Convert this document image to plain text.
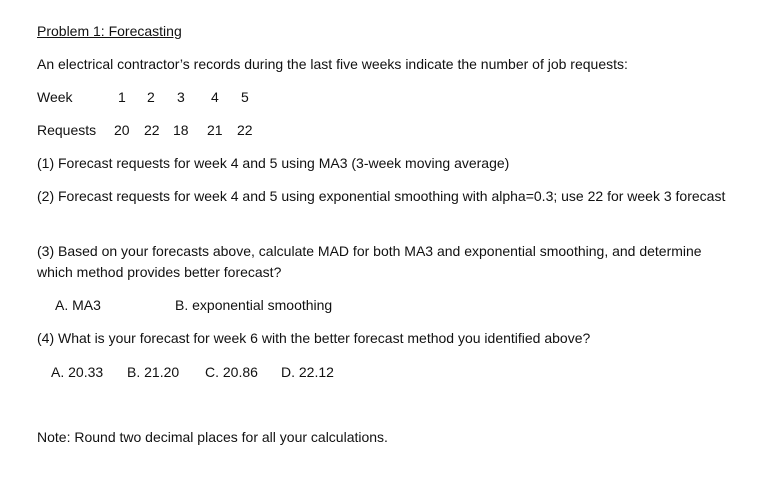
Problem 1: Forecasting
An electrical contractor’s records during the last five weeks indicate the number of job requests:
Week	1 2 3 4 5
Requests 20 22 18 21 22
(1) Forecast requests for week 4 and 5 using MA3 (3-week moving average)
(2) Forecast requests for week 4 and 5 using exponential smoothing with alpha=0.3; use 22 for week 3 forecast
(3) Based on your forecasts above, calculate MAD for both MA3 and exponential smoothing, and determine which method provides better forecast?
A. MA3	B. exponential smoothing
(4) What is your forecast for week 6 with the better forecast method you identified above?
A. 20.33 B. 21.20 C. 20.86 D. 22.12
Note: Round two decimal places for all your calculations.
